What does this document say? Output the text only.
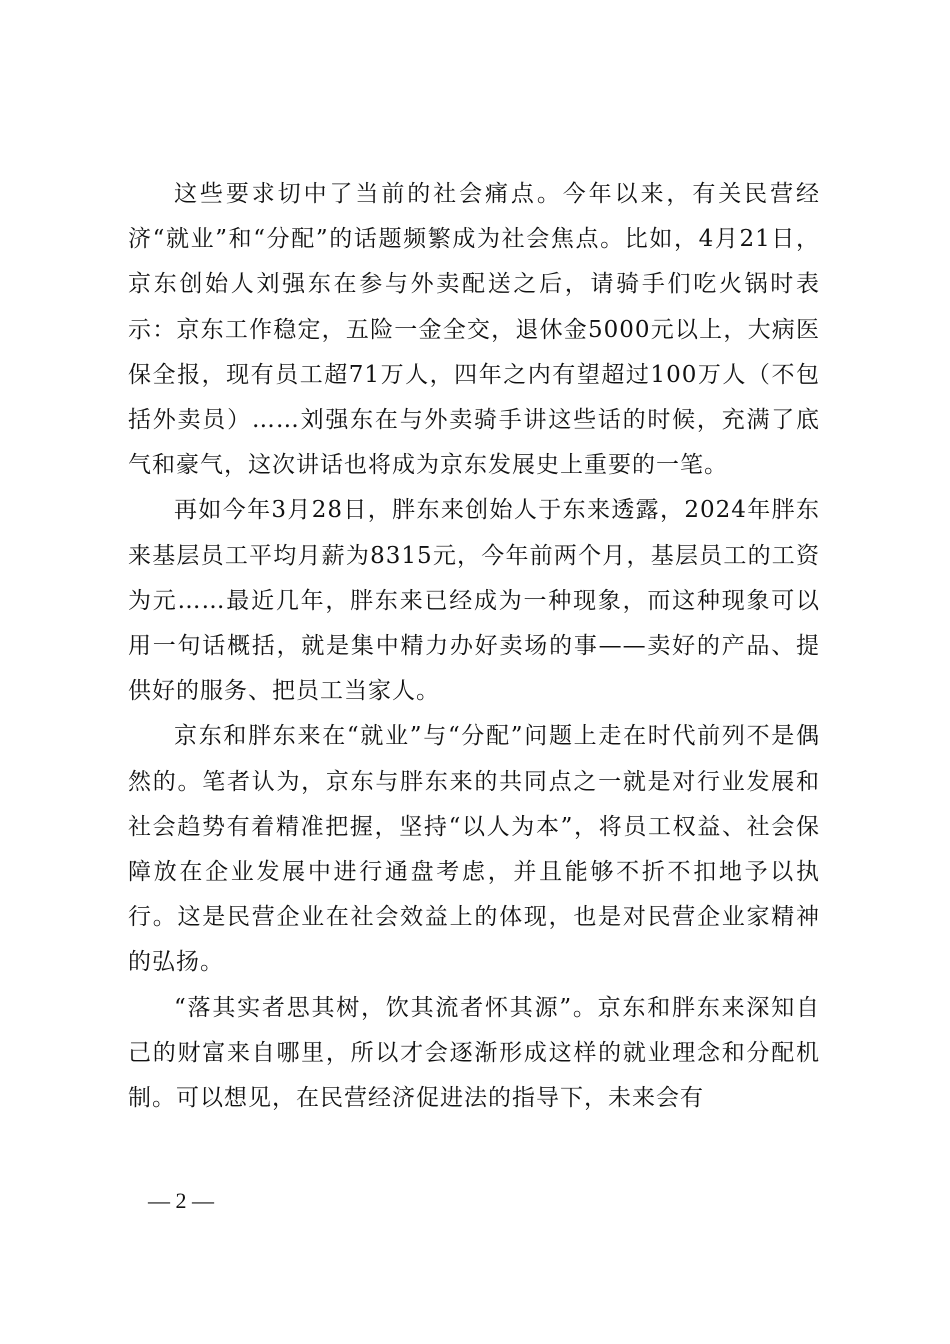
这些要求切中了当前的社会痛点。今年以来，有关民营经济“就业”和“分配”的话题频繁成为社会焦点。比如，4月21日，京东创始人刘强东在参与外卖配送之后，请骑手们吃火锅时表示：京东工作稳定，五险一金全交，退休金5000元以上，大病医保全报，现有员工超71万人，四年之内有望超过100万人（不包括外卖员）……刘强东在与外卖骑手讲这些话的时候，充满了底气和豪气，这次讲话也将成为京东发展史上重要的一笔。

再如今年3月28日，胖东来创始人于东来透露，2024年胖东来基层员工平均月薪为8315元，今年前两个月，基层员工的工资为元……最近几年，胖东来已经成为一种现象，而这种现象可以用一句话概括，就是集中精力办好卖场的事——卖好的产品、提供好的服务、把员工当家人。

京东和胖东来在“就业”与“分配”问题上走在时代前列不是偶然的。笔者认为，京东与胖东来的共同点之一就是对行业发展和社会趋势有着精准把握，坚持“以人为本”，将员工权益、社会保障放在企业发展中进行通盘考虑，并且能够不折不扣地予以执行。这是民营企业在社会效益上的体现，也是对民营企业家精神的弘扬。

“落其实者思其树，饮其流者怀其源”。京东和胖东来深知自己的财富来自哪里，所以才会逐渐形成这样的就业理念和分配机制。可以想见，在民营经济促进法的指导下，未来会有

— 2 —
